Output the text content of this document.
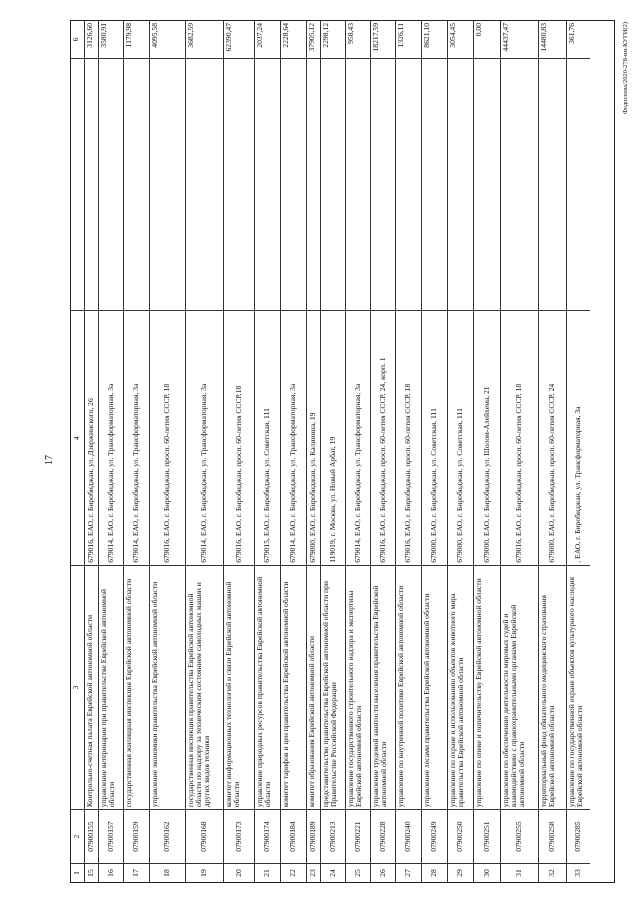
17
1
2
3
4
6
15
07900155
Контрольно-счетная палата Еврейской автономной области
679016, ЕАО, г. Биробиджан, ул. Дзержинского, 26
3126,60
16
07900157
управление ветеринарии при правительстве Еврейской автономной области
679014, ЕАО, г. Биробиджан, ул. Трансформаторная, 3а
3580,91
17
07900159
государственная жилищная инспекция Еврейской автономной области
679014, ЕАО, г. Биробиджан, ул. Трансформаторная, 3а
1179,98
18
07900162
управление экономики правительства Еврейской автономной области
679016, ЕАО, г. Биробиджан, просп. 60-летия СССР, 18
4095,58
19
07900168
государственная инспекция правительства Еврейской автономной области по надзору за техническим состоянием самоходных машин и других видов техники
679014, ЕАО, г. Биробиджан, ул. Трансформаторная, 3а
3682,59
20
07900173
комитет информационных технологий и связи Еврейской автономной области
679016, ЕАО, г. Биробиджан, просп. 60-летия СССР,18
62390,47
21
07900174
управление природных ресурсов правительства Еврейской автономной области
679015, ЕАО, г. Биробиджан, ул. Советская, 111
2037,24
22
07900184
комитет тарифов и цен правительства Еврейской автономной области
679014, ЕАО, г. Биробиджан, ул. Трансформаторная, 3а
2228,64
23
07900189
комитет образования Еврейской автономной области
679000, ЕАО, г. Биробиджан, ул. Калинина, 19
37905,12
24
07900213
представительство правительства Еврейской автономной области при Правительстве Российской Федерации
119019, г. Москва, ул. Новый Арбат, 19
2298,12
25
07900221
управление государственного строительного надзора и экспертизы Еврейской автономной области
679014, ЕАО, г. Биробиджан, ул. Трансформаторная, 3а
958,43
26
07900228
управление трудовой занятости населения правительства Еврейской автономной области
679016, ЕАО, г. Биробиджан, просп. 60-летия СССР, 24, корп. 1
18217,59
27
07900240
управление по внутренней политике Еврейской автономной области
679016, ЕАО, г. Биробиджан, просп. 60-летия СССР, 18
1326,11
28
07900249
управление лесами правительства Еврейской автономной области
679000, ЕАО, г. Биробиджан, ул. Советская, 111
8621,10
29
07900250
управление по охране и использованию объектов животного мира правительства Еврейской автономной области
679000, ЕАО, г. Биробиджан, ул. Советская, 111
3054,45
30
07900251
управление по опеке и попечительству Еврейской автономной области
679000, ЕАО, г. Биробиджан, ул. Шолом-Алейхема, 21
0,00
31
07900255
управление по обеспечению деятельности мировых судей и взаимодействию с правоохранительными органами Еврейской автономной области
679016, ЕАО, г. Биробиджан, просп. 60-летия СССР, 18
44437,47
32
07900258
территориальный фонд обязательного медицинского страхования Еврейской автономной области
679000, ЕАО, г. Биробиджан, просп. 60-летия СССР, 24
14480,83
33
07900285
управление по государственной охране объектов культурного наследия Еврейской автономной области
, ЕАО, г. Биробиджан, ул. Трансформаторная, 3а
361,76	Федосеева/2020-278-нп-КУГИ(2)
